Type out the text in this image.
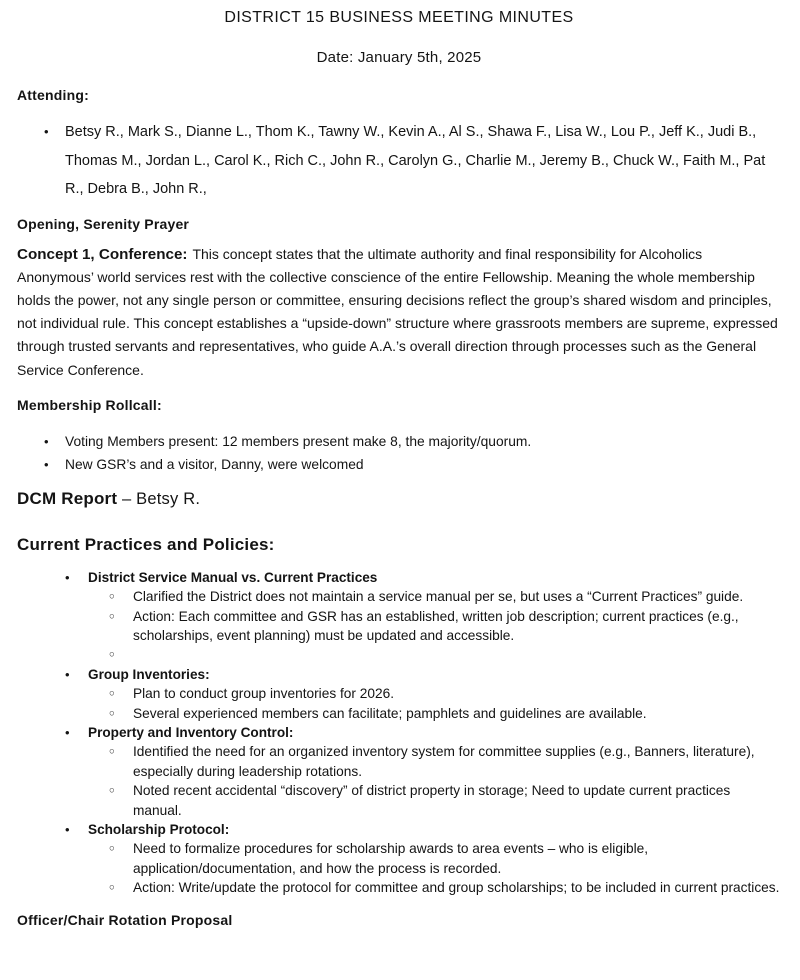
DISTRICT 15 BUSINESS MEETING MINUTES

Date: January 5th, 2025

Attending:
• Betsy R., Mark S., Dianne L., Thom K., Tawny W., Kevin A., Al S., Shawa F., Lisa W., Lou P., Jeff K., Judi B., Thomas M., Jordan L., Carol K., Rich C., John R., Carolyn G., Charlie M., Jeremy B., Chuck W., Faith M., Pat R., Debra B., John R.,
Opening, Serenity Prayer

Concept 1, Conference: This concept states that the ultimate authority and final responsibility for Alcoholics Anonymous’ world services rest with the collective conscience of the entire Fellowship. Meaning the whole membership holds the power, not any single person or committee, ensuring decisions reflect the group’s shared wisdom and principles, not individual rule. This concept establishes a “upside-down” structure where grassroots members are supreme, expressed through trusted servants and representatives, who guide A.A.’s overall direction through processes such as the General Service Conference.

Membership Rollcall:
• Voting Members present: 12 members present make 8, the majority/quorum.
• New GSR’s and a visitor, Danny, were welcomed
DCM Report – Betsy R.
Current Practices and Policies:
• District Service Manual vs. Current Practices
○ Clarified the District does not maintain a service manual per se, but uses a “Current Practices” guide.
○ Action: Each committee and GSR has an established, written job description; current practices (e.g., scholarships, event planning) must be updated and accessible.
○
• Group Inventories:
○ Plan to conduct group inventories for 2026.
○ Several experienced members can facilitate; pamphlets and guidelines are available.
• Property and Inventory Control:
○ Identified the need for an organized inventory system for committee supplies (e.g., Banners, literature), especially during leadership rotations.
○ Noted recent accidental “discovery” of district property in storage; Need to update current practices manual.
• Scholarship Protocol:
○ Need to formalize procedures for scholarship awards to area events – who is eligible, application/documentation, and how the process is recorded.
○ Action: Write/update the protocol for committee and group scholarships; to be included in current practices.
Officer/Chair Rotation Proposal
